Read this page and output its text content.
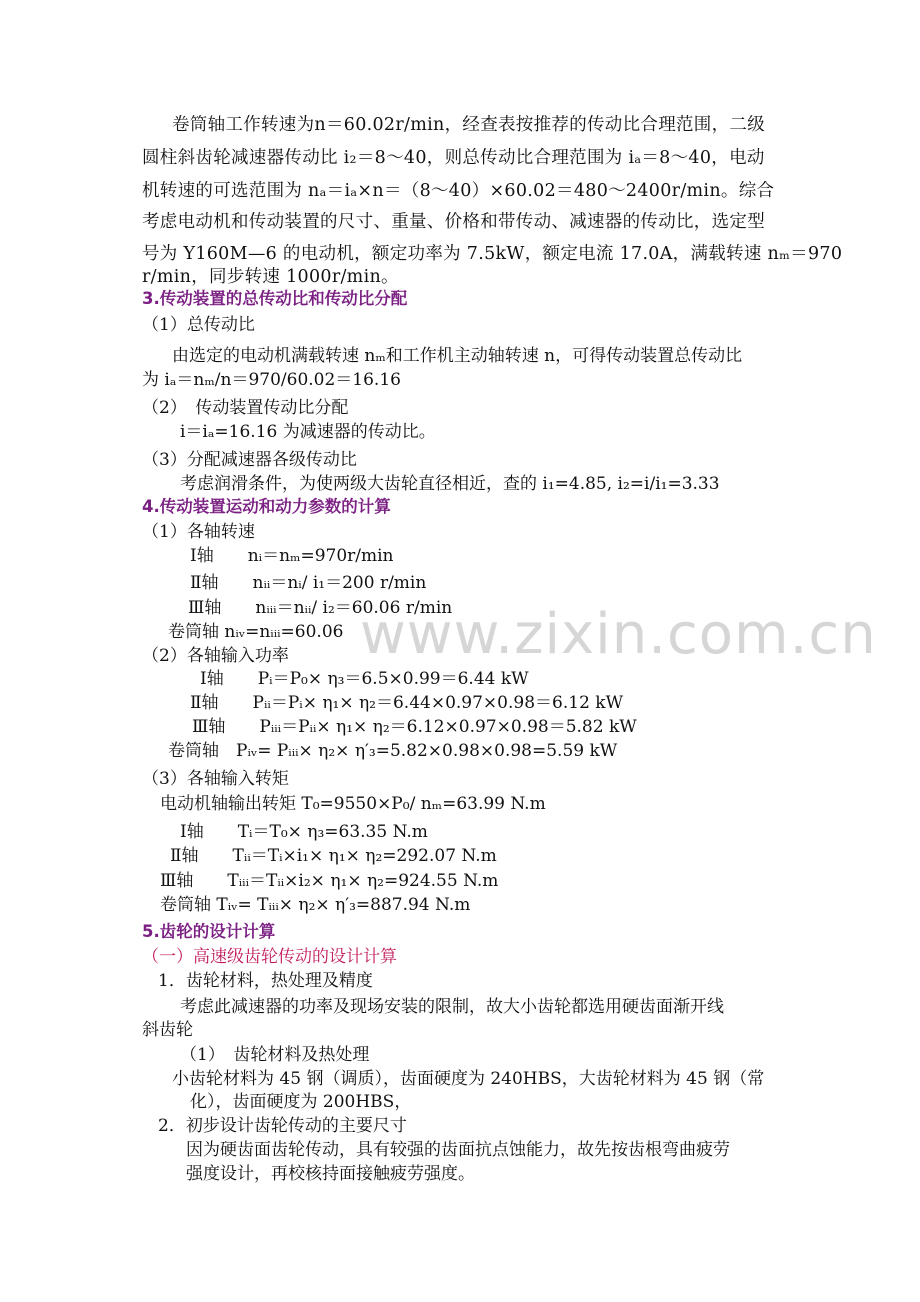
www.zixin.com.cn
卷筒轴工作转速为n＝60.02r/min，经查表按推荐的传动比合理范围，二级
圆柱斜齿轮减速器传动比 i₂＝8～40，则总传动比合理范围为 iₐ＝8～40，电动
机转速的可选范围为 nₐ＝iₐ×n＝（8～40）×60.02＝480～2400r/min。综合
考虑电动机和传动装置的尺寸、重量、价格和带传动、减速器的传动比，选定型
号为 Y160M—6 的电动机，额定功率为 7.5kW，额定电流 17.0A，满载转速 nₘ＝970
r/min，同步转速 1000r/min。
3.传动装置的总传动比和传动比分配
（1）总传动比
由选定的电动机满载转速 nₘ和工作机主动轴转速 n，可得传动装置总传动比
为 iₐ＝nₘ/n＝970/60.02＝16.16
（2）　传动装置传动比分配
i＝iₐ=16.16 为减速器的传动比。
（3）分配减速器各级传动比
考虑润滑条件，为使两级大齿轮直径相近，查的 i₁=4.85, i₂=i/i₁=3.33
4.传动装置运动和动力参数的计算
（1）各轴转速
Ⅰ轴　　nᵢ＝nₘ=970r/min
Ⅱ轴　　nᵢᵢ＝nᵢ/ i₁＝200 r/min
Ⅲ轴　　nᵢᵢᵢ＝nᵢᵢ/ i₂＝60.06 r/min
卷筒轴 nᵢᵥ=nᵢᵢᵢ=60.06
（2）各轴输入功率
Ⅰ轴　　Pᵢ＝P₀× η₃＝6.5×0.99＝6.44 kW
Ⅱ轴　　Pᵢᵢ＝Pᵢ× η₁× η₂＝6.44×0.97×0.98＝6.12 kW
Ⅲ轴　　Pᵢᵢᵢ＝Pᵢᵢ× η₁× η₂＝6.12×0.97×0.98＝5.82 kW
卷筒轴　Pᵢᵥ= Pᵢᵢᵢ× η₂× η′₃=5.82×0.98×0.98=5.59 kW
（3）各轴输入转矩
电动机轴输出转矩 T₀=9550×P₀/ nₘ=63.99 N.m
Ⅰ轴　　Tᵢ＝T₀× η₃=63.35 N.m
Ⅱ轴　　Tᵢᵢ＝Tᵢ×i₁× η₁× η₂=292.07 N.m
Ⅲ轴　　Tᵢᵢᵢ＝Tᵢᵢ×i₂× η₁× η₂=924.55 N.m
卷筒轴 Tᵢᵥ= Tᵢᵢᵢ× η₂× η′₃=887.94 N.m
5.齿轮的设计计算
（一）高速级齿轮传动的设计计算
1．齿轮材料，热处理及精度
考虑此减速器的功率及现场安装的限制，故大小齿轮都选用硬齿面渐开线
斜齿轮
（1）　齿轮材料及热处理
小齿轮材料为 45 钢（调质），齿面硬度为 240HBS，大齿轮材料为 45 钢（常
化），齿面硬度为 200HBS，
2．初步设计齿轮传动的主要尺寸
因为硬齿面齿轮传动，具有较强的齿面抗点蚀能力，故先按齿根弯曲疲劳
强度设计，再校核持面接触疲劳强度。
